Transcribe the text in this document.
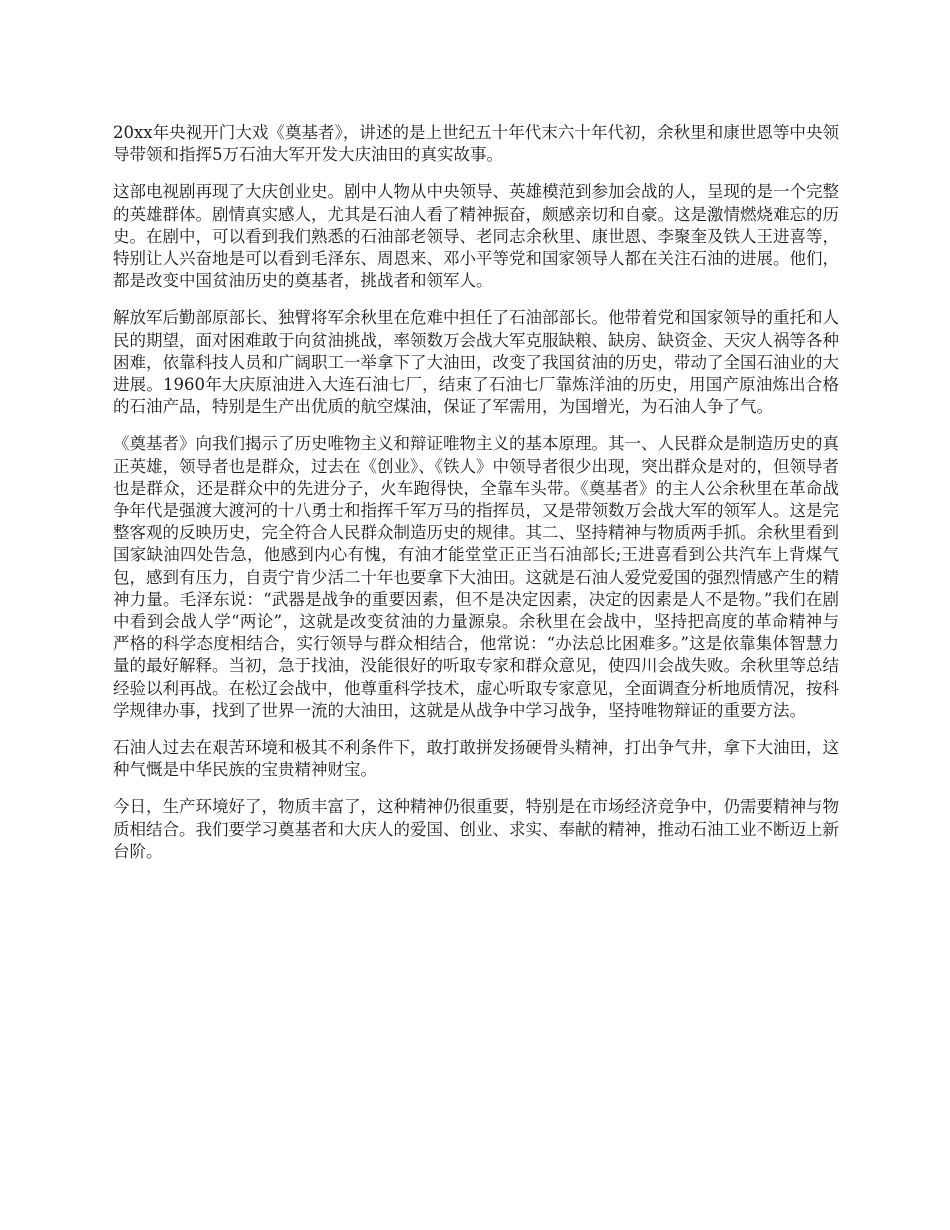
20xx年央视开门大戏《奠基者》，讲述的是上世纪五十年代末六十年代初，余秋里和康世恩等中央领导带领和指挥5万石油大军开发大庆油田的真实故事。

这部电视剧再现了大庆创业史。剧中人物从中央领导、英雄模范到参加会战的人，呈现的是一个完整的英雄群体。剧情真实感人，尤其是石油人看了精神振奋，颇感亲切和自豪。这是激情燃烧难忘的历史。在剧中，可以看到我们熟悉的石油部老领导、老同志余秋里、康世恩、李聚奎及铁人王进喜等，特别让人兴奋地是可以看到毛泽东、周恩来、邓小平等党和国家领导人都在关注石油的进展。他们，都是改变中国贫油历史的奠基者，挑战者和领军人。

解放军后勤部原部长、独臂将军余秋里在危难中担任了石油部部长。他带着党和国家领导的重托和人民的期望，面对困难敢于向贫油挑战，率领数万会战大军克服缺粮、缺房、缺资金、天灾人祸等各种困难，依靠科技人员和广阔职工一举拿下了大油田，改变了我国贫油的历史，带动了全国石油业的大进展。1960年大庆原油进入大连石油七厂，结束了石油七厂靠炼洋油的历史，用国产原油炼出合格的石油产品，特别是生产出优质的航空煤油，保证了军需用，为国增光，为石油人争了气。

《奠基者》向我们揭示了历史唯物主义和辩证唯物主义的基本原理。其一、人民群众是制造历史的真正英雄，领导者也是群众，过去在《创业》、《铁人》中领导者很少出现，突出群众是对的，但领导者也是群众，还是群众中的先进分子，火车跑得快，全靠车头带。《奠基者》的主人公余秋里在革命战争年代是强渡大渡河的十八勇士和指挥千军万马的指挥员，又是带领数万会战大军的领军人。这是完整客观的反映历史，完全符合人民群众制造历史的规律。其二、坚持精神与物质两手抓。余秋里看到国家缺油四处告急，他感到内心有愧，有油才能堂堂正正当石油部长;王进喜看到公共汽车上背煤气包，感到有压力，自责宁肯少活二十年也要拿下大油田。这就是石油人爱党爱国的强烈情感产生的精神力量。毛泽东说：“武器是战争的重要因素，但不是决定因素，决定的因素是人不是物。”我们在剧中看到会战人学“两论”，这就是改变贫油的力量源泉。余秋里在会战中，坚持把高度的革命精神与严格的科学态度相结合，实行领导与群众相结合，他常说：“办法总比困难多。”这是依靠集体智慧力量的最好解释。当初，急于找油，没能很好的听取专家和群众意见，使四川会战失败。余秋里等总结经验以利再战。在松辽会战中，他尊重科学技术，虚心听取专家意见，全面调查分析地质情况，按科学规律办事，找到了世界一流的大油田，这就是从战争中学习战争，坚持唯物辩证的重要方法。

石油人过去在艰苦环境和极其不利条件下，敢打敢拼发扬硬骨头精神，打出争气井，拿下大油田，这种气慨是中华民族的宝贵精神财宝。

今日，生产环境好了，物质丰富了，这种精神仍很重要，特别是在市场经济竞争中，仍需要精神与物质相结合。我们要学习奠基者和大庆人的爱国、创业、求实、奉献的精神，推动石油工业不断迈上新台阶。
